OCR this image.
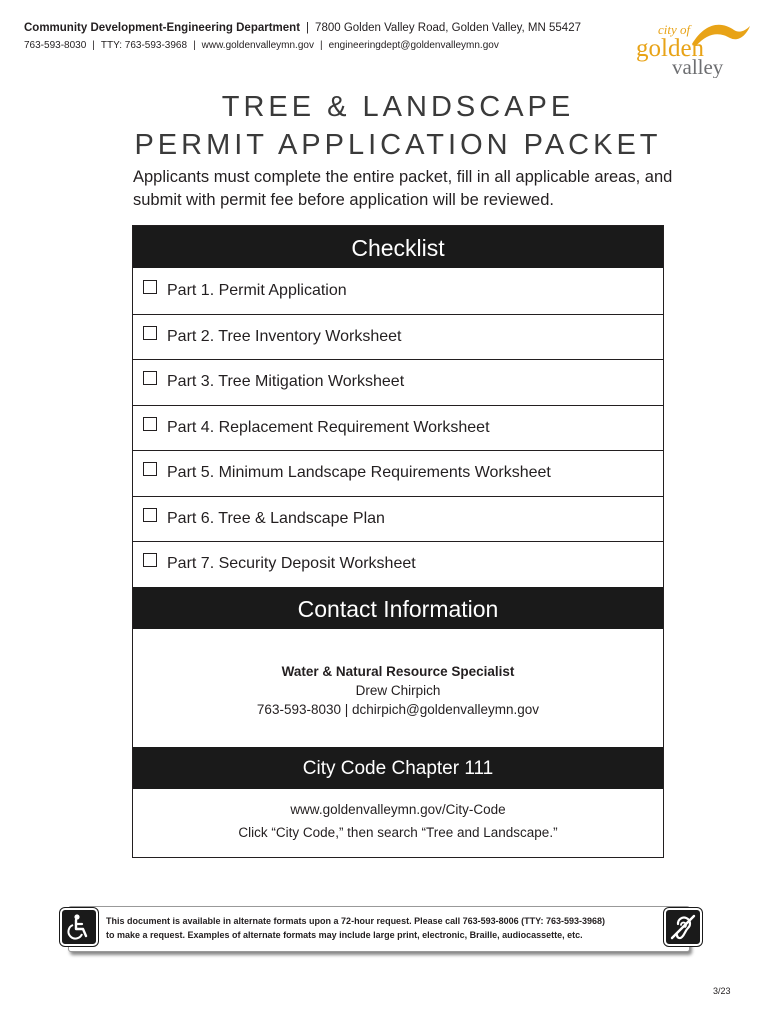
Community Development-Engineering Department | 7800 Golden Valley Road, Golden Valley, MN 55427
763-593-8030 | TTY: 763-593-3968 | www.goldenvalleymn.gov | engineeringdept@goldenvalleymn.gov
city of
golden
valley
TREE & LANDSCAPE
PERMIT APPLICATION PACKET
Applicants must complete the entire packet, fill in all applicable areas, and submit with permit fee before application will be reviewed.
Checklist
Part 1. Permit Application
Part 2. Tree Inventory Worksheet
Part 3. Tree Mitigation Worksheet
Part 4. Replacement Requirement Worksheet
Part 5. Minimum Landscape Requirements Worksheet
Part 6. Tree & Landscape Plan
Part 7. Security Deposit Worksheet
Contact Information
Water & Natural Resource Specialist
Drew Chirpich
763-593-8030 | dchirpich@goldenvalleymn.gov
City Code Chapter 111
www.goldenvalleymn.gov/City-Code
Click “City Code,” then search “Tree and Landscape.”
This document is available in alternate formats upon a 72-hour request. Please call 763-593-8006 (TTY: 763-593-3968)
to make a request. Examples of alternate formats may include large print, electronic, Braille, audiocassette, etc.
3/23
